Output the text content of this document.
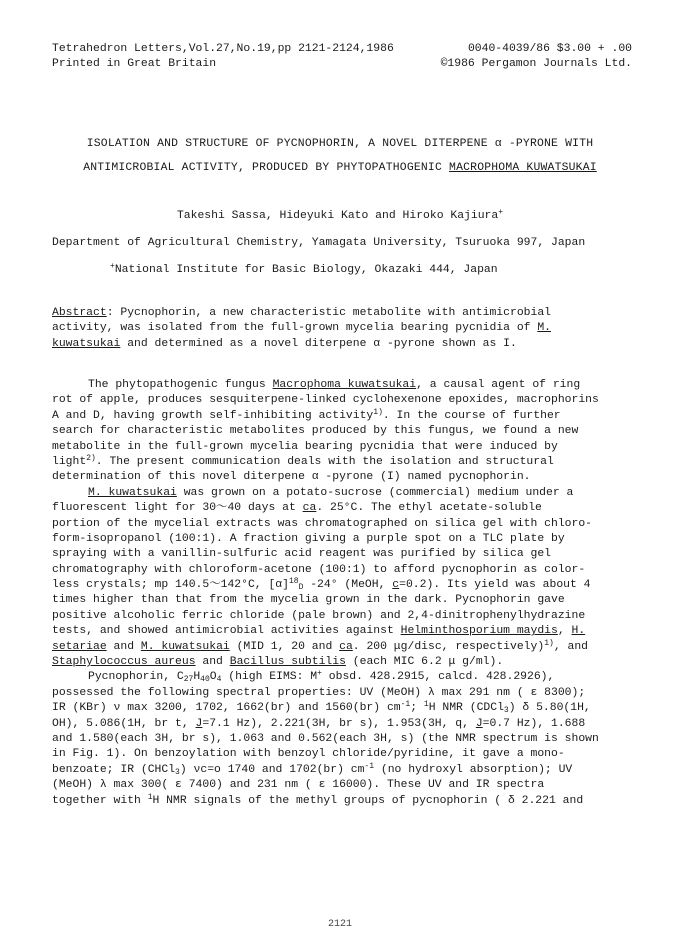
Tetrahedron Letters,Vol.27,No.19,pp 2121-2124,1986	0040-4039/86 $3.00 + .00
Printed in Great Britain	©1986 Pergamon Journals Ltd.
ISOLATION AND STRUCTURE OF PYCNOPHORIN, A NOVEL DITERPENE α -PYRONE WITH
ANTIMICROBIAL ACTIVITY, PRODUCED BY PHYTOPATHOGENIC MACROPHOMA KUWATSUKAI
Takeshi Sassa, Hideyuki Kato and Hiroko Kajiura+
Department of Agricultural Chemistry, Yamagata University, Tsuruoka 997, Japan
+National Institute for Basic Biology, Okazaki 444, Japan
Abstract: Pycnophorin, a new characteristic metabolite with antimicrobial
activity, was isolated from the full-grown mycelia bearing pycnidia of M.
kuwatsukai and determined as a novel diterpene α -pyrone shown as I.
The phytopathogenic fungus Macrophoma kuwatsukai, a causal agent of ring
rot of apple, produces sesquiterpene-linked cyclohexenone epoxides, macrophorins
A and D, having growth self-inhibiting activity$^{1)}$. In the course of further
search for characteristic metabolites produced by this fungus, we found a new
metabolite in the full-grown mycelia bearing pycnidia that were induced by
light$^{2)}$. The present communication deals with the isolation and structural
determination of this novel diterpene α -pyrone (I) named pycnophorin.
M. kuwatsukai was grown on a potato-sucrose (commercial) medium under a
fluorescent light for 30～40 days at ca. 25°C. The ethyl acetate-soluble
portion of the mycelial extracts was chromatographed on silica gel with chloro-
form-isopropanol (100:1). A fraction giving a purple spot on a TLC plate by
spraying with a vanillin-sulfuric acid reagent was purified by silica gel
chromatography with chloroform-acetone (100:1) to afford pycnophorin as color-
less crystals; mp 140.5～142°C, $[\alpha]^{18}_D$ -24° (MeOH, c=0.2). Its yield was about 4
times higher than that from the mycelia grown in the dark. Pycnophorin gave
positive alcoholic ferric chloride (pale brown) and 2,4-dinitrophenylhydrazine
tests, and showed antimicrobial activities against Helminthosporium maydis, H.
setariae and M. kuwatsukai (MID 1, 20 and ca. 200 μg/disc, respectively)$^{1)}$, and
Staphylococcus aureus and Bacillus subtilis (each MIC 6.2 μ g/ml).
Pycnophorin, $C_{27}H_{40}O_4$ (high EIMS: M+ obsd. 428.2915, calcd. 428.2926),
possessed the following spectral properties: UV (MeOH) λ max 291 nm ( ε 8300);
IR (KBr) ν max 3200, 1702, 1662(br) and 1560(br) $cm^{-1}$; $^1$H NMR (CDCl$_3$) δ 5.80(1H,
OH), 5.086(1H, br t, J=7.1 Hz), 2.221(3H, br s), 1.953(3H, q, J=0.7 Hz), 1.688
and 1.580(each 3H, br s), 1.063 and 0.562(each 3H, s) (the NMR spectrum is shown
in Fig. 1). On benzoylation with benzoyl chloride/pyridine, it gave a mono-
benzoate; IR (CHCl$_3$) νc=o 1740 and 1702(br) $cm^{-1}$ (no hydroxyl absorption); UV
(MeOH) λ max 300( ε 7400) and 231 nm ( ε 16000). These UV and IR spectra
together with $^1$H NMR signals of the methyl groups of pycnophorin ( δ 2.221 and
2121
